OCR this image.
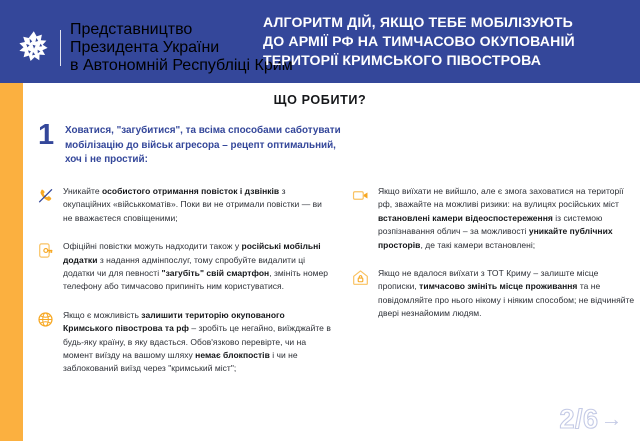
Представництво
Президента України
в Автономній Республіці Крим
АЛГОРИТМ ДІЙ, ЯКЩО ТЕБЕ МОБІЛІЗУЮТЬ
ДО АРМІЇ РФ НА ТИМЧАСОВО ОКУПОВАНІЙ
ТЕРИТОРІЇ КРИМСЬКОГО ПІВОСТРОВА
ЩО РОБИТИ?
1 Ховатися, "загубитися", та всіма способами саботувати
мобілізацію до військ агресора – рецепт оптимальний,
хоч і не простий:
Уникайте особистого отримання повісток і дзвінків з окупаційних «військкоматів». Поки ви не отримали повістки — ви не вважаєтеся сповіщеними;
Офіційні повістки можуть надходити також у російські мобільні додатки з надання адмінпослуг, тому спробуйте видалити ці додатки чи для певності "загубіть" свій смартфон, змініть номер телефону або тимчасово припиніть ним користуватися.
Якщо є можливість залишити територію окупованого Кримського півострова та рф – зробіть це негайно, виїжджайте в будь-яку країну, в яку вдасться. Обов'язково перевірте, чи на момент виїзду на вашому шляху немає блокпостів і чи не заблокований виїзд через "кримський міст";
Якщо виїхати не вийшло, але є змога заховатися на території рф, зважайте на можливі ризики: на вулицях російських міст встановлені камери відеоспостереження із системою розпізнавання облич – за можливості уникайте публічних просторів, де такі камери встановлені;
Якщо не вдалося виїхати з ТОТ Криму – залиште місце прописки, тимчасово змініть місце проживання та не повідомляйте про нього нікому і ніяким способом; не відчиняйте двері незнайомим людям.
2/6 →
